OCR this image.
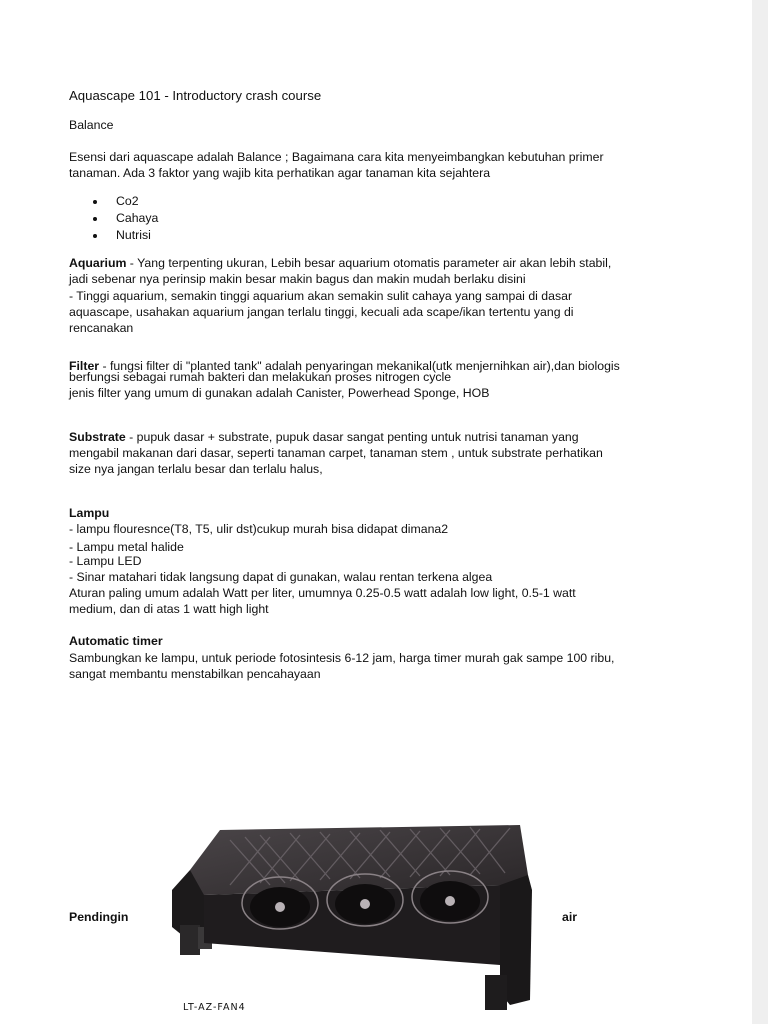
Aquascape 101 - Introductory crash course
Balance
Esensi dari aquascape adalah Balance ; Bagaimana cara kita menyeimbangkan kebutuhan primer
tanaman. Ada 3 faktor yang wajib kita perhatikan agar tanaman kita sejahtera
Co2
Cahaya
Nutrisi
Aquarium - Yang terpenting ukuran, Lebih besar aquarium otomatis parameter air akan lebih stabil,
jadi sebenar nya perinsip makin besar makin bagus dan makin mudah berlaku disini
- Tinggi aquarium, semakin tinggi aquarium akan semakin sulit cahaya yang sampai di dasar
aquascape, usahakan aquarium jangan terlalu tinggi, kecuali ada scape/ikan tertentu yang di
rencanakan
Filter - fungsi filter di "planted tank" adalah penyaringan mekanikal(utk menjernihkan air),dan biologis
berfungsi sebagai rumah bakteri dan melakukan proses nitrogen cycle
jenis filter yang umum di gunakan adalah Canister, Powerhead Sponge, HOB
Substrate - pupuk dasar + substrate, pupuk dasar sangat penting untuk nutrisi tanaman yang
mengabil makanan dari dasar, seperti tanaman carpet, tanaman stem , untuk substrate perhatikan
size nya jangan terlalu besar dan terlalu halus,
Lampu
- lampu flouresnce(T8, T5, ulir dst)cukup murah bisa didapat dimana2
- Lampu metal halide
- Lampu LED
- Sinar matahari tidak langsung dapat di gunakan, walau rentan terkena algea
Aturan paling umum adalah Watt per liter, umumnya 0.25-0.5 watt adalah low light, 0.5-1 watt
medium, dan di atas 1 watt high light
Automatic timer
Sambungkan ke lampu, untuk periode fotosintesis 6-12 jam, harga timer murah gak sampe 100 ribu,
sangat membantu menstabilkan pencahayaan
Pendingin	air
LT-AZ-FAN4
